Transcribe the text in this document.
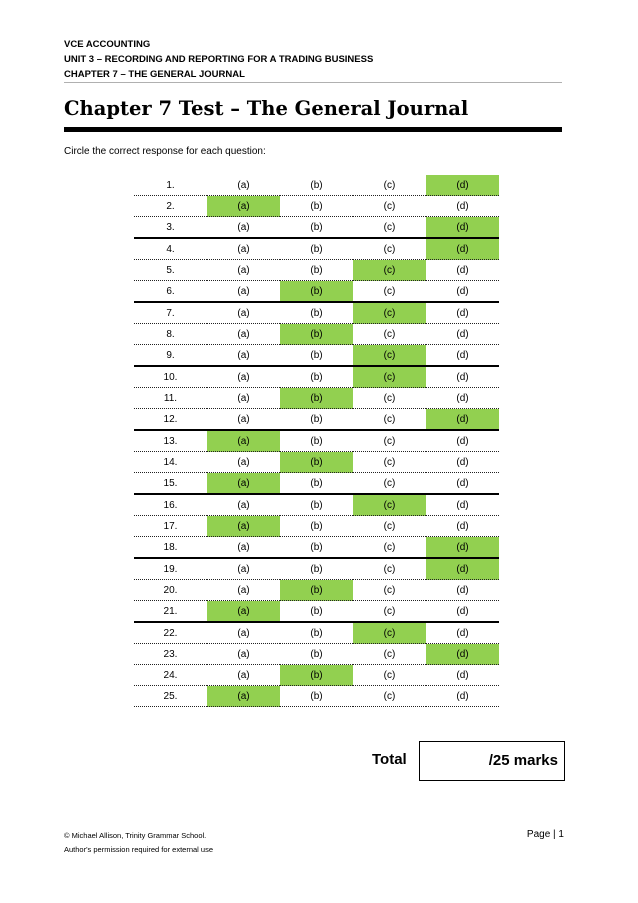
VCE ACCOUNTING
UNIT 3 – RECORDING AND REPORTING FOR A TRADING BUSINESS
CHAPTER 7 – THE GENERAL JOURNAL
Chapter 7 Test – The General Journal
Circle the correct response for each question:
1.	(a)	(b)	(c)	(d)
2.	(a)	(b)	(c)	(d)
3.	(a)	(b)	(c)	(d)
4.	(a)	(b)	(c)	(d)
5.	(a)	(b)	(c)	(d)
6.	(a)	(b)	(c)	(d)
7.	(a)	(b)	(c)	(d)
8.	(a)	(b)	(c)	(d)
9.	(a)	(b)	(c)	(d)
10.	(a)	(b)	(c)	(d)
11.	(a)	(b)	(c)	(d)
12.	(a)	(b)	(c)	(d)
13.	(a)	(b)	(c)	(d)
14.	(a)	(b)	(c)	(d)
15.	(a)	(b)	(c)	(d)
16.	(a)	(b)	(c)	(d)
17.	(a)	(b)	(c)	(d)
18.	(a)	(b)	(c)	(d)
19.	(a)	(b)	(c)	(d)
20.	(a)	(b)	(c)	(d)
21.	(a)	(b)	(c)	(d)
22.	(a)	(b)	(c)	(d)
23.	(a)	(b)	(c)	(d)
24.	(a)	(b)	(c)	(d)
25.	(a)	(b)	(c)	(d)
Total	/25 marks
© Michael Allison, Trinity Grammar School.
Author's permission required for external use
Page | 1
